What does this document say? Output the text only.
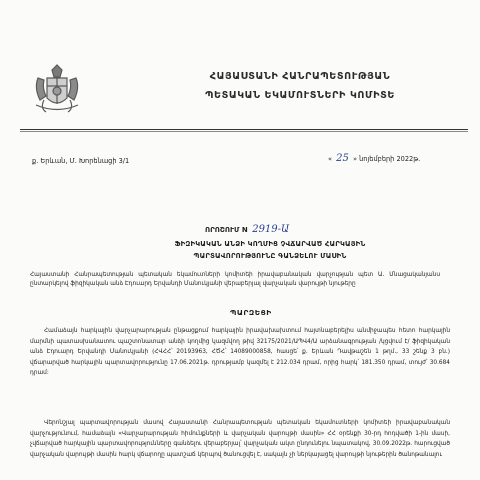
ՀԱՅԱՍՏԱՆԻ ՀԱՆՐԱՊԵՏՈՒԹՅԱՆ
ՊԵՏԱԿԱՆ ԵԿԱՄՈՒՏՆԵՐԻ ԿՈՄԻՏԵ
ք. Երևան, Մ. Խորենացի 3/1	« 25 » նոյեմբերի 2022թ.
ՈՐՈՇՈՒՄ N 2919-Ա
ՖԻԶԻԿԱԿԱՆ ԱՆՁԻ ԿՈՂՄԻՑ ՉՎՃԱՐՎԱԾ ՀԱՐԿԱՅԻՆ
ՊԱՐՏԱՎՈՐՈՒԹՅՈՒՆԸ ԳԱՆՁԵԼՈՒ ՄԱՍԻՆ
Հայաստանի Հանրապետության պետական եկամուտների կոմիտեի իրավաբանական վարչության պետ Ա. Մնացականյանս ընտարկելով ֆիզիկական անձ Էդուարդ Երվանդի Մանուկյանի վերաբերյալ վարչական վարույթի նյութերը
ՊԱՐԶԵՑԻ
Համաձայն հարկային վարչարարության ընթացքում հարկային իրավախախտում հայտնաբերելիս անմիջապես հետո հարկային մարմնի պատասխանատու պաշտոնատար անձի կողմից կազմվող թիվ 32175/2021/ԱՊՎ4/Ա արձանագրության /կցվում է/ ֆիզիկական անձ Էդուարդ Երվանդի Մանուկյանի (ՀՎՀՀ՝ 20193963, ՀԾՀ՝ 14089000858, հասցե՝ ք. Երևան Դավթաշեն 1 թղմ., 33 շենք 3 բն.) վճարարված հարկային պարտավորությունը 17.06.2021թ. դրությամբ կազմել է 212.034 դրամ, որից հարկ՝ 181.350 դրամ, տույժ՝ 30.684 դրամ:
Վերոնշյալ պարտավորության մասով Հայաստանի Հանրապետության պետական եկամուտների կոմիտեի իրավաբանական վարչությունում, համաձայն «Վարչարարության հիմունքների և վարչական վարույթի մասին» ՀՀ օրենքի 30-րդ հոդվածի 1-ին մասի, չվճարված հարկային պարտավորությունները գանձելու վերաբերյալ՝ վարչական ակտ ընդունելու նպատակով, 30.09.2022թ. հարուցված վարչական վարույթի մասին հարկ վճարողը պատշաճ կերպով ծանուցվել է, սակայն չի ներկայացել վարույթի նյութերին ծանոթանալու
